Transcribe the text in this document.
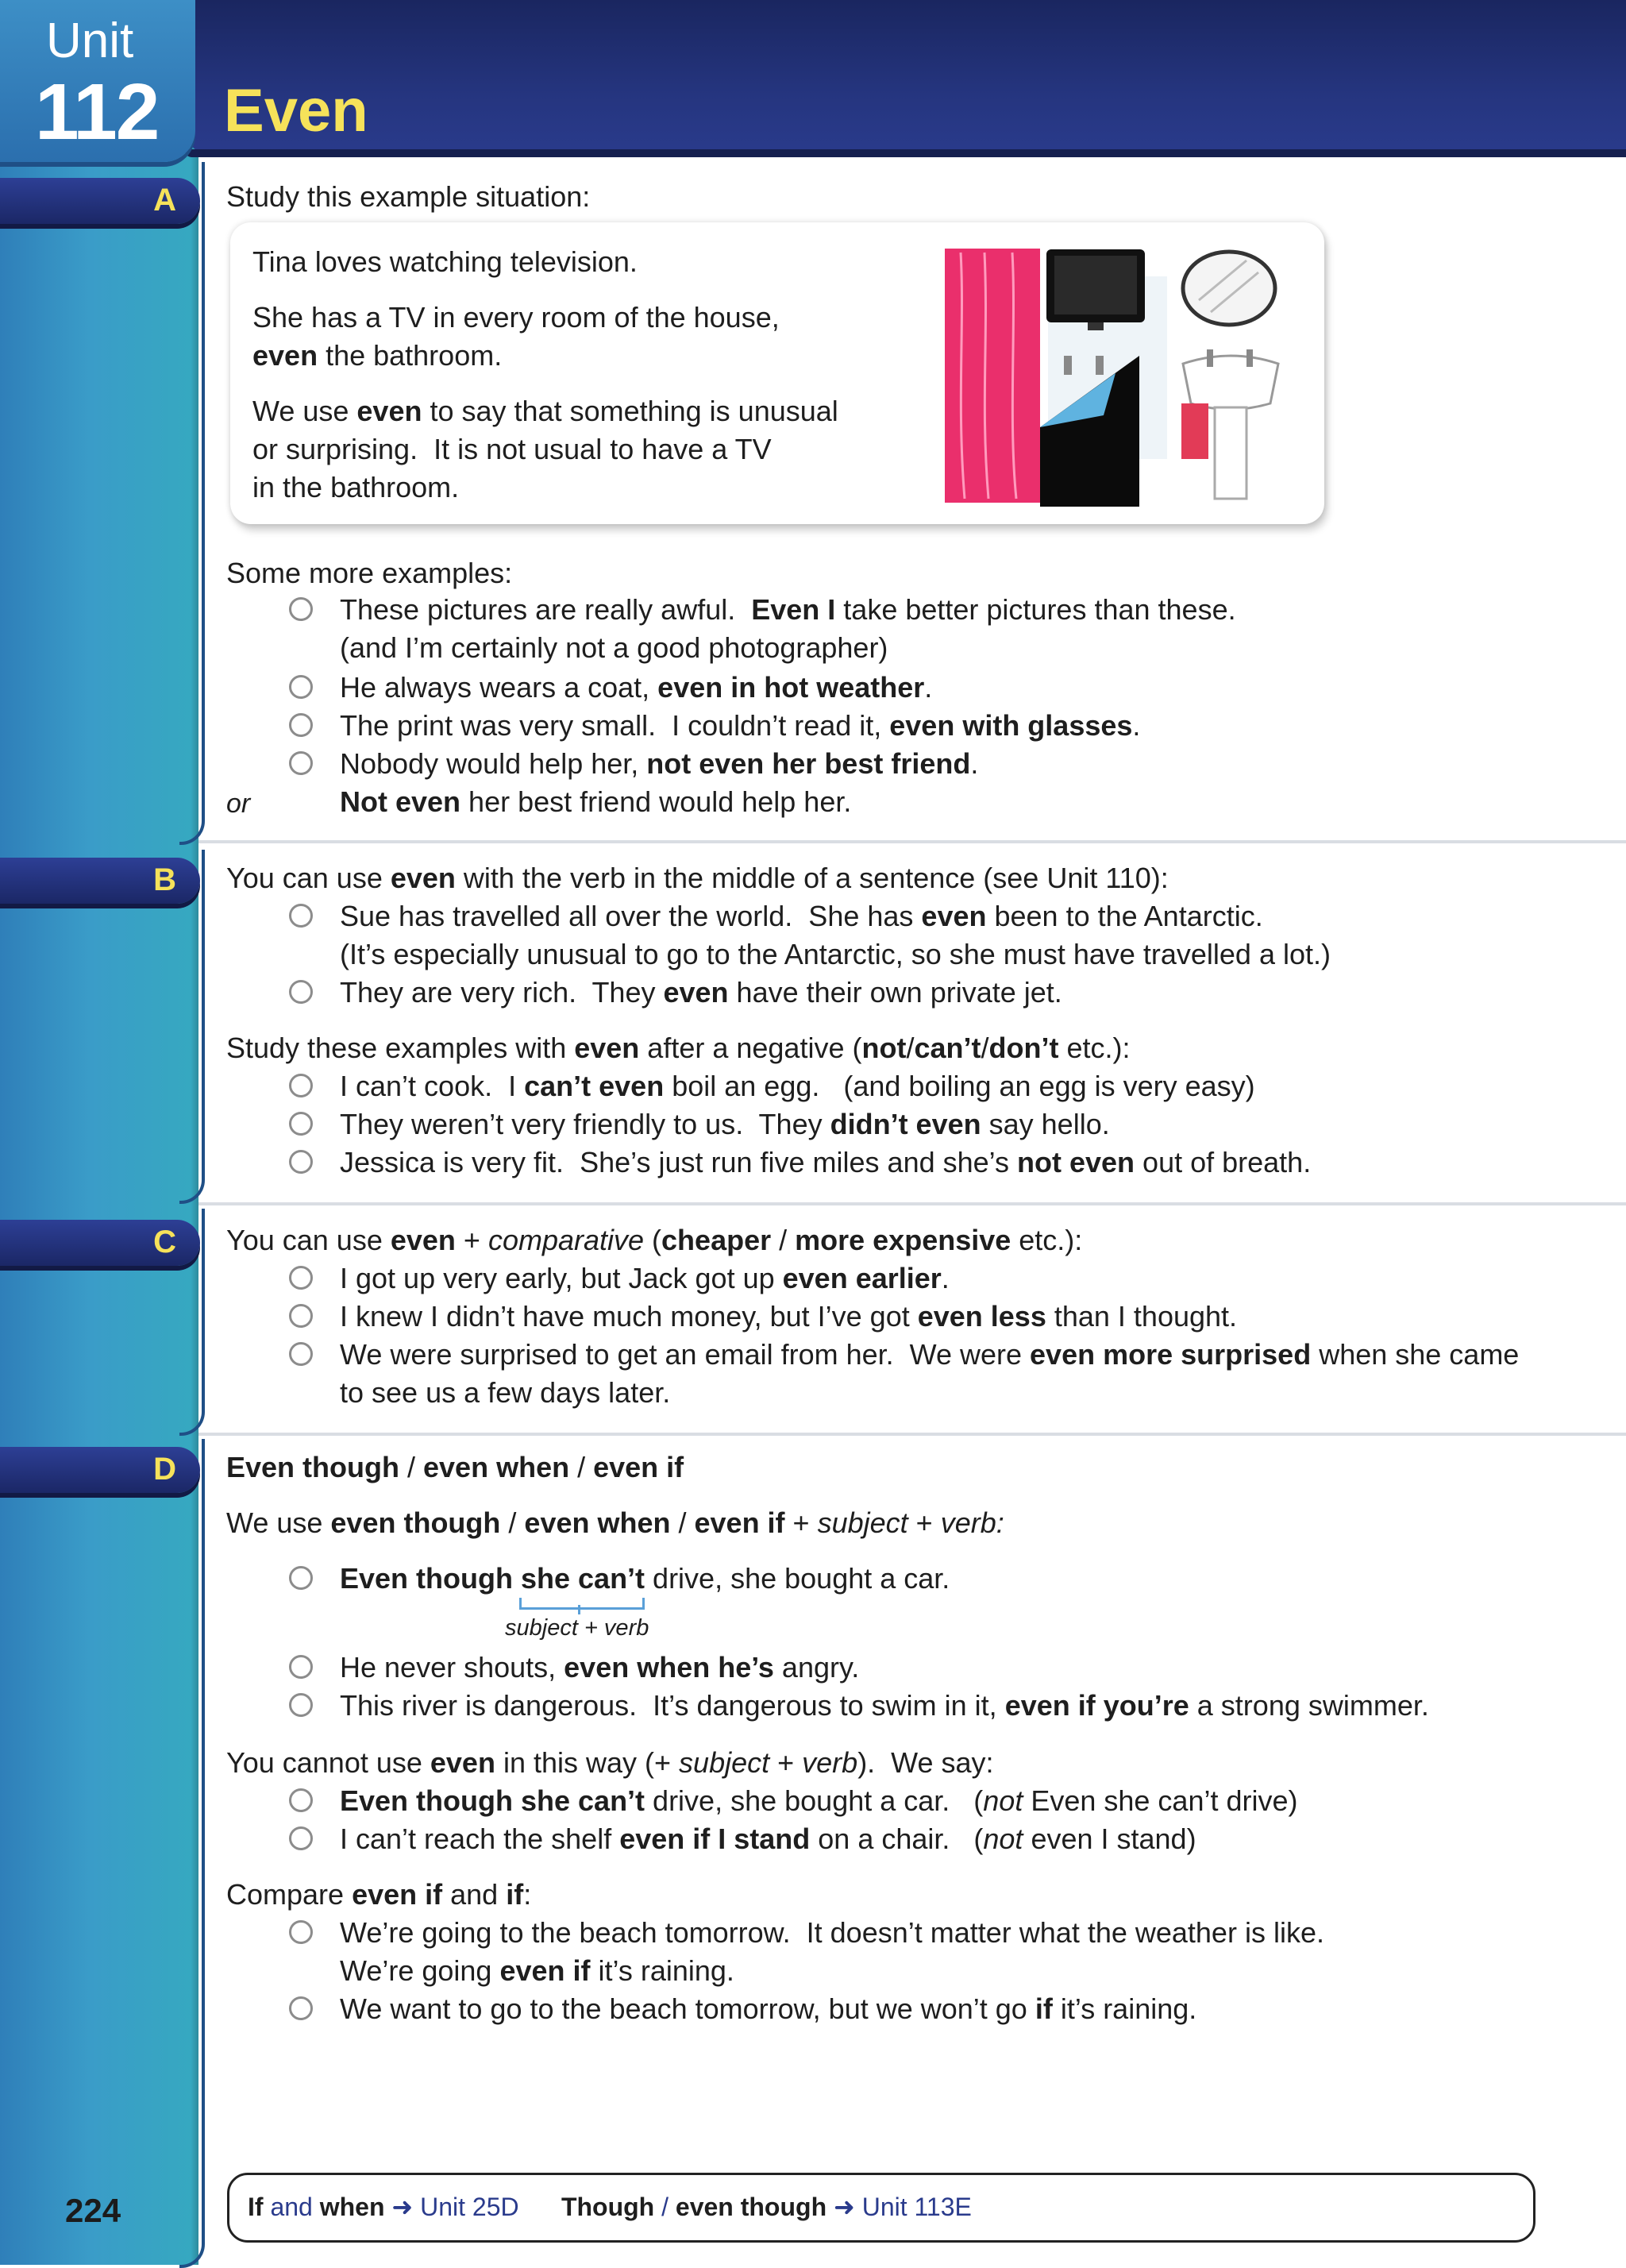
Unit
112 Even
A
B
C
D
Study this example situation:
Tina loves watching television.
She has a TV in every room of the house,
even the bathroom.
We use even to say that something is unusual
or surprising.  It is not usual to have a TV
in the bathroom.
Some more examples:
These pictures are really awful.  Even I take better pictures than these.
(and I’m certainly not a good photographer)
He always wears a coat, even in hot weather.
The print was very small.  I couldn’t read it, even with glasses.
Nobody would help her, not even her best friend.
or	Not even her best friend would help her.
You can use even with the verb in the middle of a sentence (see Unit 110):
Sue has travelled all over the world.  She has even been to the Antarctic.
(It’s especially unusual to go to the Antarctic, so she must have travelled a lot.)
They are very rich.  They even have their own private jet.
Study these examples with even after a negative (not/can’t/don’t etc.):
I can’t cook.  I can’t even boil an egg.   (and boiling an egg is very easy)
They weren’t very friendly to us.  They didn’t even say hello.
Jessica is very fit.  She’s just run five miles and she’s not even out of breath.
You can use even + comparative (cheaper / more expensive etc.):
I got up very early, but Jack got up even earlier.
I knew I didn’t have much money, but I’ve got even less than I thought.
We were surprised to get an email from her.  We were even more surprised when she came
to see us a few days later.
Even though / even when / even if
We use even though / even when / even if + subject + verb:
Even though she can’t drive, she bought a car.
subject + verb
He never shouts, even when he’s angry.
This river is dangerous.  It’s dangerous to swim in it, even if you’re a strong swimmer.
You cannot use even in this way (+ subject + verb).  We say:
Even though she can’t drive, she bought a car.   (not Even she can’t drive)
I can’t reach the shelf even if I stand on a chair.   (not even I stand)
Compare even if and if:
We’re going to the beach tomorrow.  It doesn’t matter what the weather is like.
We’re going even if it’s raining.
We want to go to the beach tomorrow, but we won’t go if it’s raining.
If and when ➜ Unit 25D      Though / even though ➜ Unit 113E
224
